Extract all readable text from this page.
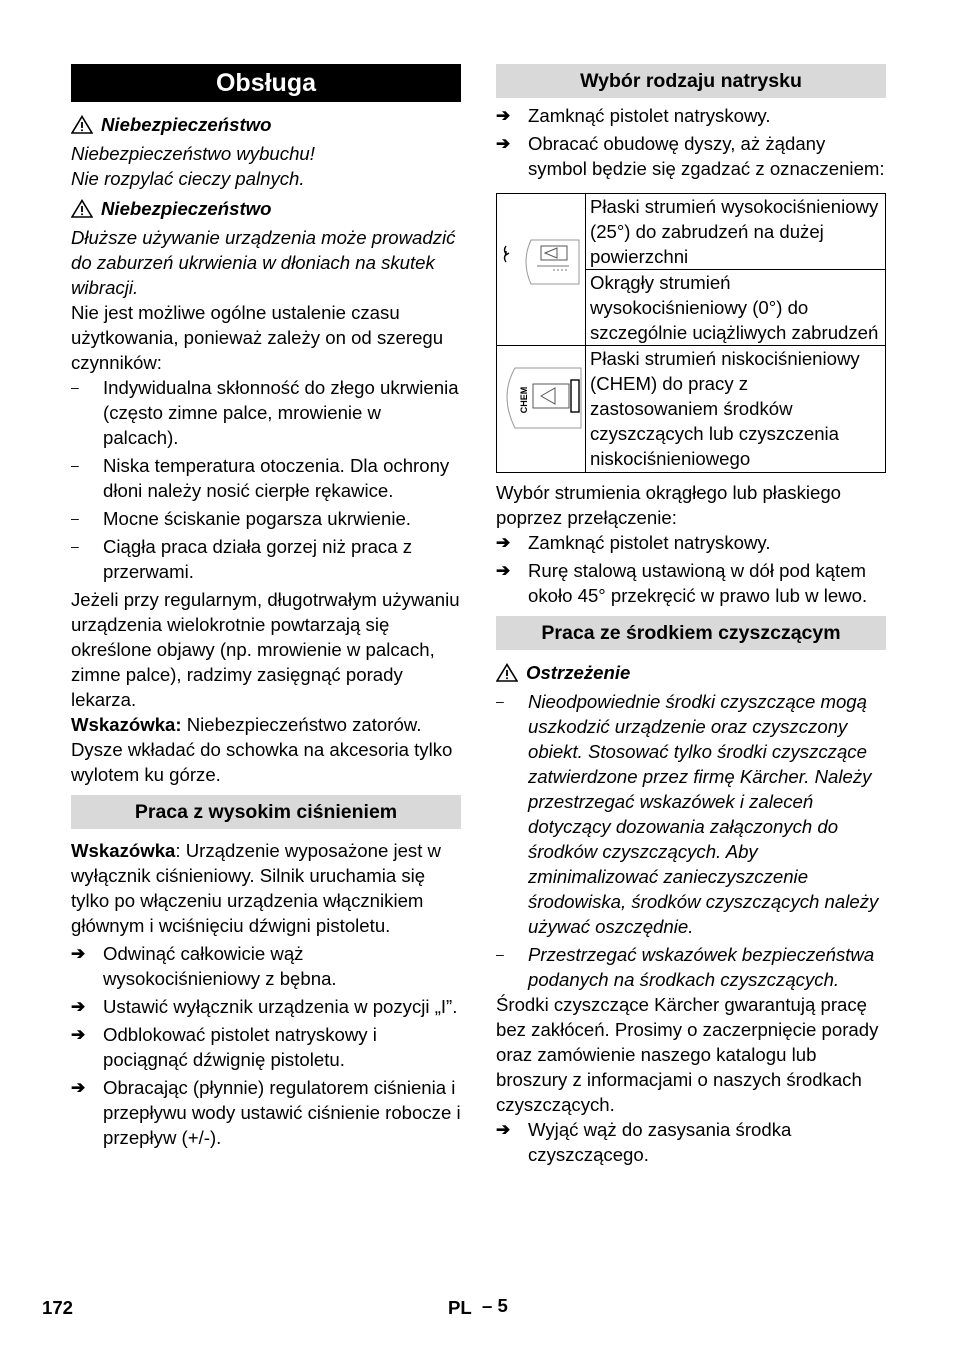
Obsługa
Niebezpieczeństwo

Niebezpieczeństwo wybuchu!

Nie rozpylać cieczy palnych.

Niebezpieczeństwo

Dłuższe używanie urządzenia może prowadzić do zaburzeń ukrwienia w dłoniach na skutek wibracji.

Nie jest możliwe ogólne ustalenie czasu użytkowania, ponieważ zależy on od szeregu czynników:

–	Indywidualna skłonność do złego ukrwienia (często zimne palce, mrowienie w palcach).
–	Niska temperatura otoczenia. Dla ochrony dłoni należy nosić cierpłe rękawice.
–	Mocne ściskanie pogarsza ukrwienie.
–	Ciągła praca działa gorzej niż praca z przerwami.

Jeżeli przy regularnym, długotrwałym używaniu urządzenia wielokrotnie powtarzają się określone objawy (np. mrowienie w palcach, zimne palce), radzimy zasięgnąć porady lekarza.

Wskazówka: Niebezpieczeństwo zatorów. Dysze wkładać do schowka na akcesoria tylko wylotem ku górze.

Praca z wysokim ciśnieniem

Wskazówka: Urządzenie wyposażone jest w wyłącznik ciśnieniowy. Silnik uruchamia się tylko po włączeniu urządzenia włącznikiem głównym i wciśnięciu dźwigni pistoletu.

➔ Odwinąć całkowicie wąż wysokociśnieniowy z bębna.
➔ Ustawić wyłącznik urządzenia w pozycji „I”.
➔ Odblokować pistolet natryskowy i pociągnąć dźwignię pistoletu.
➔ Obracając (płynnie) regulatorem ciśnienia i przepływu wody ustawić ciśnienie robocze i przepływ (+/-).
Wybór rodzaju natrysku
➔ Zamknąć pistolet natryskowy.
➔ Obracać obudowę dyszy, aż żądany symbol będzie się zgadzać z oznaczeniem:
	Płaski strumień wysokociśnieniowy (25°) do zabrudzeń na dużej powierzchni
	Okrągły strumień wysokociśnieniowy (0°) do szczególnie uciążliwych zabrudzeń

CHEM	Płaski strumień niskociśnieniowy (CHEM) do pracy z zastosowaniem środków czyszczących lub czyszczenia niskociśnieniowego

Wybór strumienia okrągłego lub płaskiego poprzez przełączenie:

➔ Zamknąć pistolet natryskowy.
➔ Rurę stalową ustawioną w dół pod kątem około 45° przekręcić w prawo lub w lewo.
Praca ze środkiem czyszczącym
Ostrzeżenie
–	Nieodpowiednie środki czyszczące mogą uszkodzić urządzenie oraz czyszczony obiekt. Stosować tylko środki czyszczące zatwierdzone przez firmę Kärcher. Należy przestrzegać wskazówek i zaleceń dotyczący dozowania załączonych do środków czyszczących. Aby zminimalizować zanieczyszczenie środowiska, środków czyszczących należy używać oszczędnie.
–	Przestrzegać wskazówek bezpieczeństwa podanych na środkach czyszczących.

Środki czyszczące Kärcher gwarantują pracę bez zakłóceń. Prosimy o zaczerpnięcie porady oraz zamówienie naszego katalogu lub broszury z informacjami o naszych środkach czyszczących.

➔ Wyjąć wąż do zasysania środka czyszczącego.
172	PL – 5
